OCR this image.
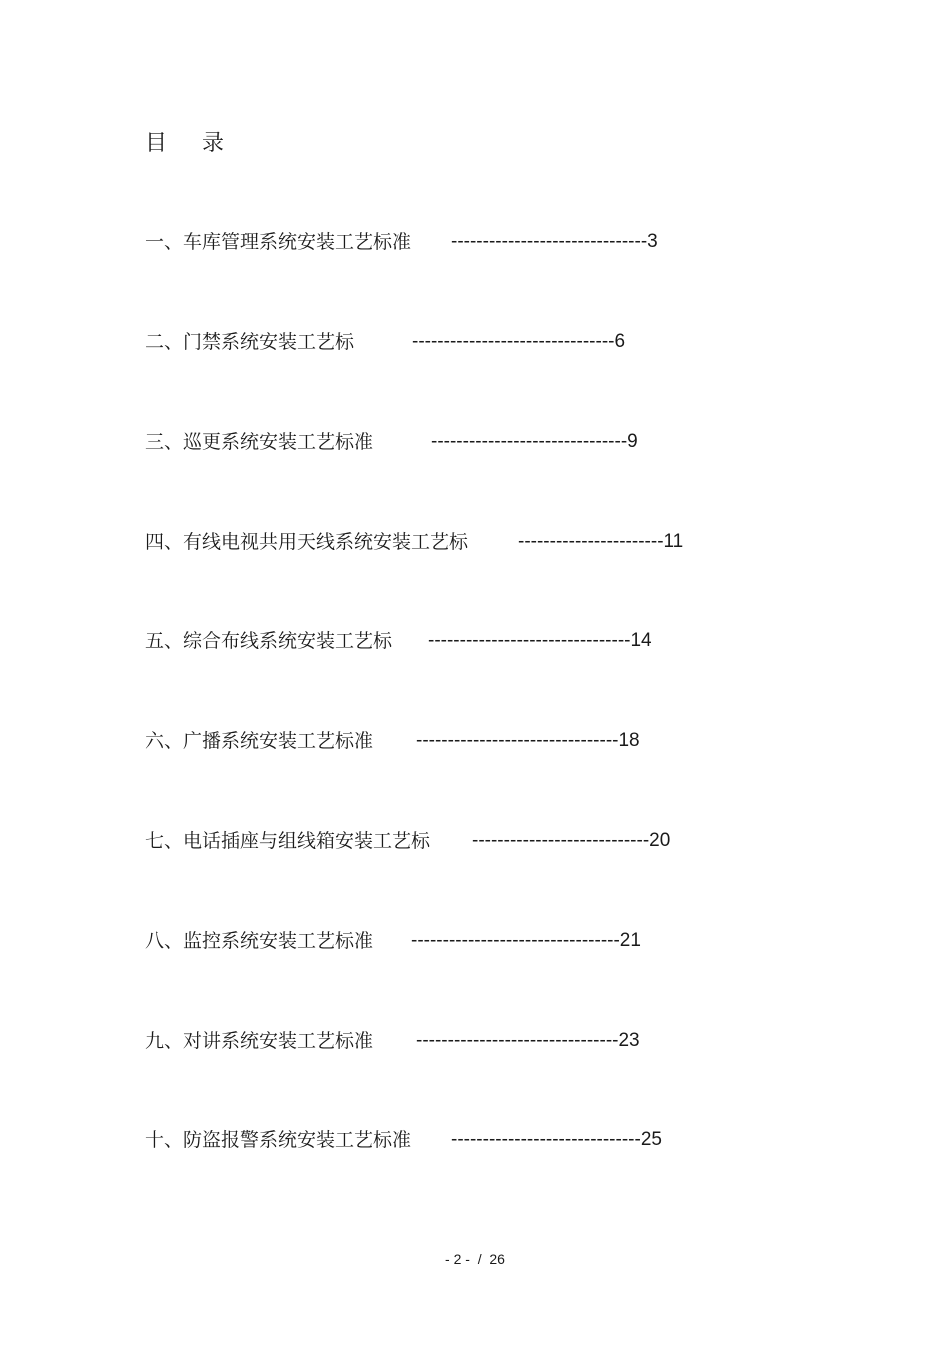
目 录
一、车库管理系统安装工艺标准 -------------------------------3
二、门禁系统安装工艺标	--------------------------------6
三、巡更系统安装工艺标准	-------------------------------9
四、有线电视共用天线系统安装工艺标	-----------------------11
五、综合布线系统安装工艺标 --------------------------------14
六、广播系统安装工艺标准 --------------------------------18
七、电话插座与组线箱安装工艺标 ----------------------------20
八、监控系统安装工艺标准 ---------------------------------21
九、对讲系统安装工艺标准 --------------------------------23
十、防盗报警系统安装工艺标准 ------------------------------25
- 2 -  /  26
